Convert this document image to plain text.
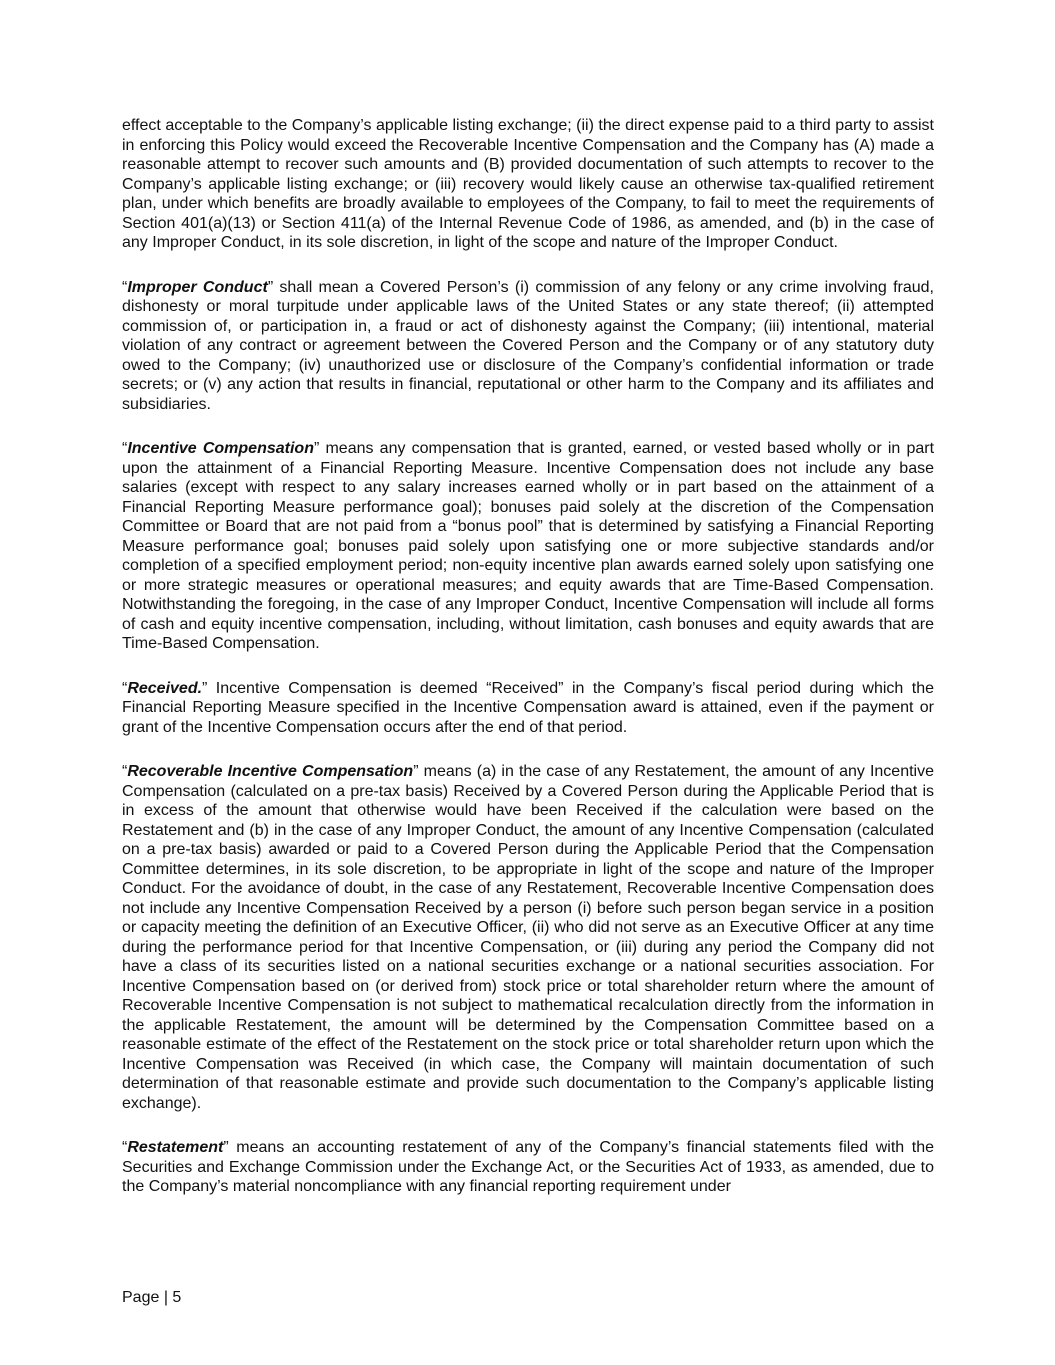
effect acceptable to the Company’s applicable listing exchange; (ii) the direct expense paid to a third party to assist in enforcing this Policy would exceed the Recoverable Incentive Compensation and the Company has (A) made a reasonable attempt to recover such amounts and (B) provided documentation of such attempts to recover to the Company’s applicable listing exchange; or (iii) recovery would likely cause an otherwise tax-qualified retirement plan, under which benefits are broadly available to employees of the Company, to fail to meet the requirements of Section 401(a)(13) or Section 411(a) of the Internal Revenue Code of 1986, as amended, and (b) in the case of any Improper Conduct, in its sole discretion, in light of the scope and nature of the Improper Conduct.

“Improper Conduct” shall mean a Covered Person’s (i) commission of any felony or any crime involving fraud, dishonesty or moral turpitude under applicable laws of the United States or any state thereof; (ii) attempted commission of, or participation in, a fraud or act of dishonesty against the Company; (iii) intentional, material violation of any contract or agreement between the Covered Person and the Company or of any statutory duty owed to the Company; (iv) unauthorized use or disclosure of the Company’s confidential information or trade secrets; or (v) any action that results in financial, reputational or other harm to the Company and its affiliates and subsidiaries.

“Incentive Compensation” means any compensation that is granted, earned, or vested based wholly or in part upon the attainment of a Financial Reporting Measure. Incentive Compensation does not include any base salaries (except with respect to any salary increases earned wholly or in part based on the attainment of a Financial Reporting Measure performance goal); bonuses paid solely at the discretion of the Compensation Committee or Board that are not paid from a “bonus pool” that is determined by satisfying a Financial Reporting Measure performance goal; bonuses paid solely upon satisfying one or more subjective standards and/or completion of a specified employment period; non-equity incentive plan awards earned solely upon satisfying one or more strategic measures or operational measures; and equity awards that are Time-Based Compensation. Notwithstanding the foregoing, in the case of any Improper Conduct, Incentive Compensation will include all forms of cash and equity incentive compensation, including, without limitation, cash bonuses and equity awards that are Time-Based Compensation.

“Received.” Incentive Compensation is deemed “Received” in the Company’s fiscal period during which the Financial Reporting Measure specified in the Incentive Compensation award is attained, even if the payment or grant of the Incentive Compensation occurs after the end of that period.

“Recoverable Incentive Compensation” means (a) in the case of any Restatement, the amount of any Incentive Compensation (calculated on a pre-tax basis) Received by a Covered Person during the Applicable Period that is in excess of the amount that otherwise would have been Received if the calculation were based on the Restatement and (b) in the case of any Improper Conduct, the amount of any Incentive Compensation (calculated on a pre-tax basis) awarded or paid to a Covered Person during the Applicable Period that the Compensation Committee determines, in its sole discretion, to be appropriate in light of the scope and nature of the Improper Conduct. For the avoidance of doubt, in the case of any Restatement, Recoverable Incentive Compensation does not include any Incentive Compensation Received by a person (i) before such person began service in a position or capacity meeting the definition of an Executive Officer, (ii) who did not serve as an Executive Officer at any time during the performance period for that Incentive Compensation, or (iii) during any period the Company did not have a class of its securities listed on a national securities exchange or a national securities association. For Incentive Compensation based on (or derived from) stock price or total shareholder return where the amount of Recoverable Incentive Compensation is not subject to mathematical recalculation directly from the information in the applicable Restatement, the amount will be determined by the Compensation Committee based on a reasonable estimate of the effect of the Restatement on the stock price or total shareholder return upon which the Incentive Compensation was Received (in which case, the Company will maintain documentation of such determination of that reasonable estimate and provide such documentation to the Company’s applicable listing exchange).

“Restatement” means an accounting restatement of any of the Company’s financial statements filed with the Securities and Exchange Commission under the Exchange Act, or the Securities Act of 1933, as amended, due to the Company’s material noncompliance with any financial reporting requirement under

Page | 5
